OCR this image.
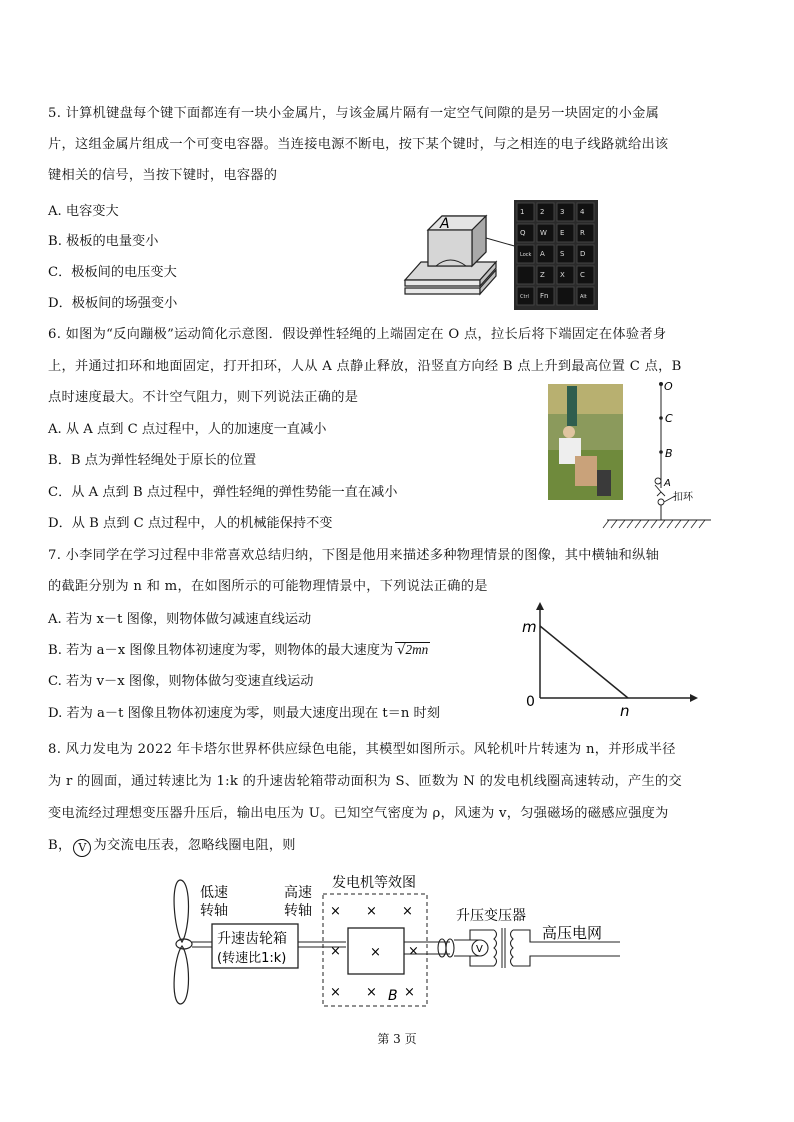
5. 计算机键盘每个键下面都连有一块小金属片，与该金属片隔有一定空气间隙的是另一块固定的小金属
片，这组金属片组成一个可变电容器。当连接电源不断电，按下某个键时，与之相连的电子线路就给出该
键相关的信号，当按下键时，电容器的
A. 电容变大
B. 极板的电量变小
C．极板间的电压变大
D．极板间的场强变小
A
1 2 3 4
Q W E R
Lock A S D
Z X C
Ctrl Fn	Alt
6. 如图为“反向蹦极”运动简化示意图．假设弹性轻绳的上端固定在 O 点，拉长后将下端固定在体验者身
上，并通过扣环和地面固定，打开扣环，人从 A 点静止释放，沿竖直方向经 B 点上升到最高位置 C 点，B
点时速度最大。不计空气阻力，则下列说法正确的是
A. 从 A 点到 C 点过程中，人的加速度一直减小
B．B 点为弹性轻绳处于原长的位置
C．从 A 点到 B 点过程中，弹性轻绳的弹性势能一直在减小
D．从 B 点到 C 点过程中，人的机械能保持不变
O
C
B
A
扣环
7. 小李同学在学习过程中非常喜欢总结归纳，下图是他用来描述多种物理情景的图像，其中横轴和纵轴
的截距分别为 n 和 m，在如图所示的可能物理情景中，下列说法正确的是
A. 若为 x－t 图像，则物体做匀减速直线运动
B. 若为 a－x 图像且物体初速度为零，则物体的最大速度为 √2mn
C. 若为 v－x 图像，则物体做匀变速直线运动
D. 若为 a－t 图像且物体初速度为零，则最大速度出现在 t＝n 时刻
m
n
0
8. 风力发电为 2022 年卡塔尔世界杯供应绿色电能，其模型如图所示。风轮机叶片转速为 n，并形成半径
为 r 的圆面，通过转速比为 1:k 的升速齿轮箱带动面积为 S、匝数为 N 的发电机线圈高速转动，产生的交
变电流经过理想变压器升压后，输出电压为 U。已知空气密度为 ρ，风速为 v，匀强磁场的磁感应强度为
B， V 为交流电压表，忽略线圈电阻，则
低速
转轴
升速齿轮箱
(转速比1:k)
高速
转轴
发电机等效图
× × ×
× × ×
× × ×
B
升压变压器
V
高压电网
第 3 页
